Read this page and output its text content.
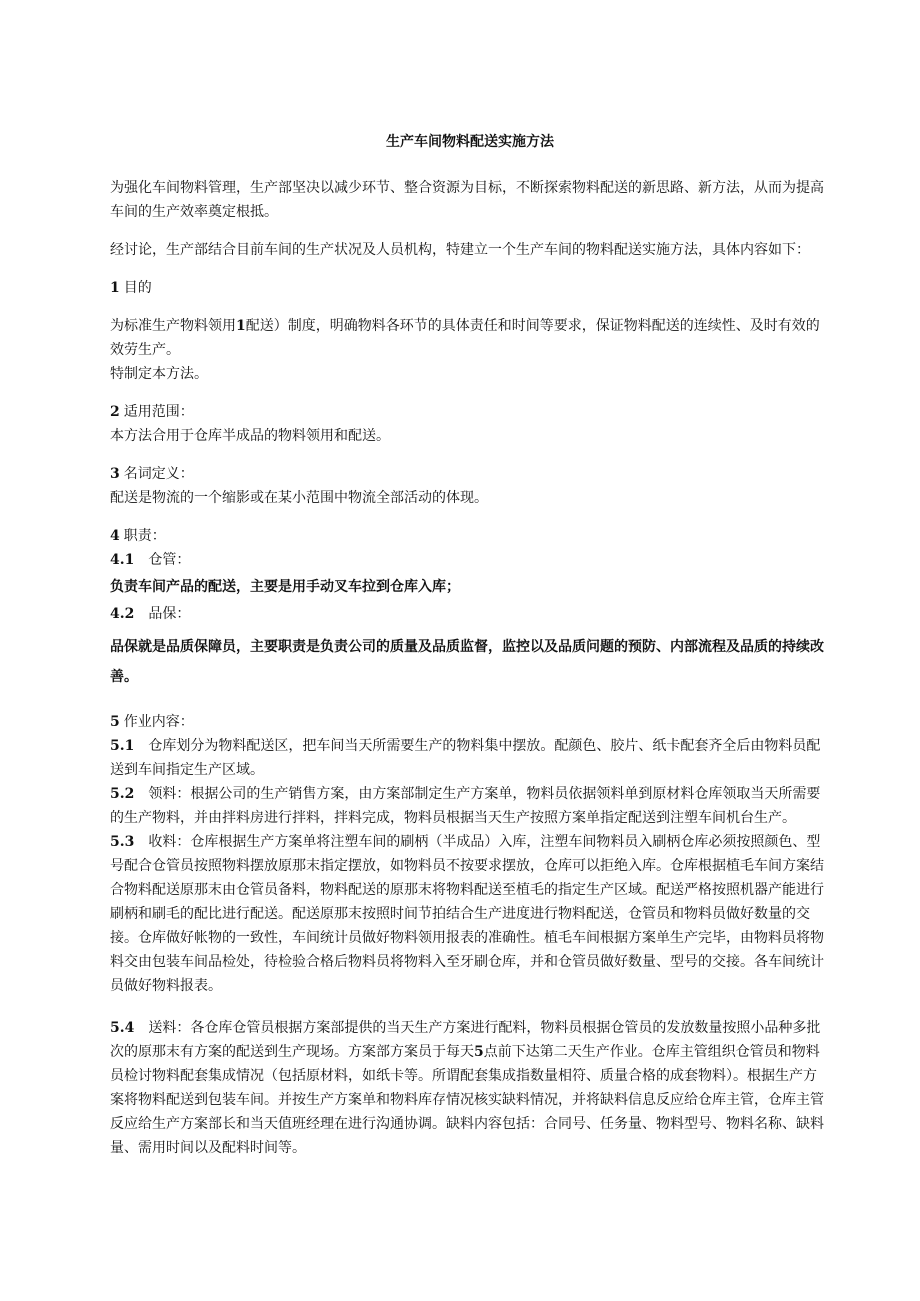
生产车间物料配送实施方法

为强化车间物料管理，生产部坚决以减少环节、整合资源为目标，不断探索物料配送的新思路、新方法，从而为提高车间的生产效率奠定根抵。

经讨论，生产部结合目前车间的生产状况及人员机构，特建立一个生产车间的物料配送实施方法，具体内容如下：

1 目的

为标准生产物料领用1配送）制度，明确物料各环节的具体责任和时间等要求，保证物料配送的连续性、及时有效的效劳生产。

特制定本方法。

2 适用范围：

本方法合用于仓库半成品的物料领用和配送。

3 名词定义：

配送是物流的一个缩影或在某小范围中物流全部活动的体现。

4 职责：

4.1 仓管：

负责车间产品的配送，主要是用手动叉车拉到仓库入库；

4.2 品保：

品保就是品质保障员，主要职责是负责公司的质量及品质监督，监控以及品质问题的预防、内部流程及品质的持续改善。

5 作业内容：

5.1 仓库划分为物料配送区，把车间当天所需要生产的物料集中摆放。配颜色、胶片、纸卡配套齐全后由物料员配送到车间指定生产区域。

5.2 领料：根据公司的生产销售方案，由方案部制定生产方案单，物料员依据领料单到原材料仓库领取当天所需要的生产物料，并由拌料房进行拌料，拌料完成，物料员根据当天生产按照方案单指定配送到注塑车间机台生产。

5.3 收料：仓库根据生产方案单将注塑车间的刷柄（半成品）入库，注塑车间物料员入刷柄仓库必须按照颜色、型号配合仓管员按照物料摆放原那末指定摆放，如物料员不按要求摆放，仓库可以拒绝入库。仓库根据植毛车间方案结合物料配送原那末由仓管员备料，物料配送的原那末将物料配送至植毛的指定生产区域。配送严格按照机器产能进行刷柄和刷毛的配比进行配送。配送原那末按照时间节拍结合生产进度进行物料配送，仓管员和物料员做好数量的交接。仓库做好帐物的一致性，车间统计员做好物料领用报表的准确性。植毛车间根据方案单生产完毕，由物料员将物料交由包装车间品检处，待检验合格后物料员将物料入至牙刷仓库，并和仓管员做好数量、型号的交接。各车间统计员做好物料报表。

5.4 送料：各仓库仓管员根据方案部提供的当天生产方案进行配料，物料员根据仓管员的发放数量按照小品种多批次的原那末有方案的配送到生产现场。方案部方案员于每天5点前下达第二天生产作业。仓库主管组织仓管员和物料员检讨物料配套集成情况（包括原材料，如纸卡等。所谓配套集成指数量相符、质量合格的成套物料）。根据生产方案将物料配送到包装车间。并按生产方案单和物料库存情况核实缺料情况，并将缺料信息反应给仓库主管，仓库主管反应给生产方案部长和当天值班经理在进行沟通协调。缺料内容包括：合同号、任务量、物料型号、物料名称、缺料量、需用时间以及配料时间等。
